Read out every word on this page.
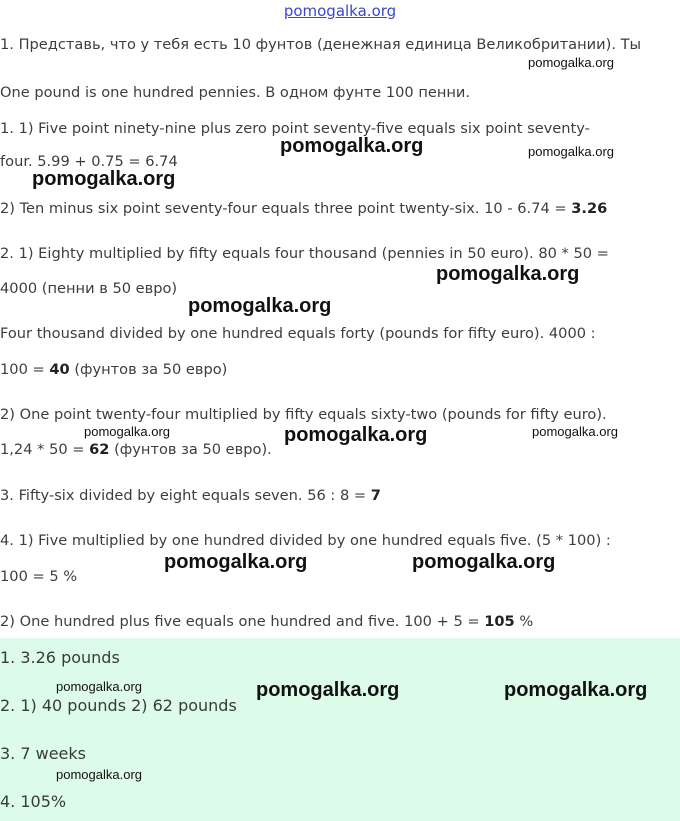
pomogalka.org
1. Представь, что у тебя есть 10 фунтов (денежная единица Великобритании). Ты
One pound is one hundred pennies. В одном фунте 100 пенни.
1. 1) Five point ninety-nine plus zero point seventy-five equals six point seventy-
four. 5.99 + 0.75 = 6.74
2) Ten minus six point seventy-four equals three point twenty-six. 10 - 6.74 = 3.26
2. 1) Eighty multiplied by fifty equals four thousand (pennies in 50 euro). 80 * 50 =
4000 (пенни в 50 евро)
Four thousand divided by one hundred equals forty (pounds for fifty euro). 4000 :
100 = 40 (фунтов за 50 евро)
2) One point twenty-four multiplied by fifty equals sixty-two (pounds for fifty euro).
1,24 * 50 = 62 (фунтов за 50 евро).
3. Fifty-six divided by eight equals seven. 56 : 8 = 7
4. 1) Five multiplied by one hundred divided by one hundred equals five. (5 * 100) :
100 = 5 %
2) One hundred plus five equals one hundred and five. 100 + 5 = 105 %
1. 3.26 pounds
2. 1) 40 pounds 2) 62 pounds
3. 7 weeks
4. 105%
pomogalka.org
pomogalka.org	pomogalka.org
pomogalka.org
pomogalka.org
pomogalka.org
pomogalka.org	pomogalka.org	pomogalka.org
pomogalka.org	pomogalka.org
pomogalka.org	pomogalka.org	pomogalka.org
pomogalka.org
